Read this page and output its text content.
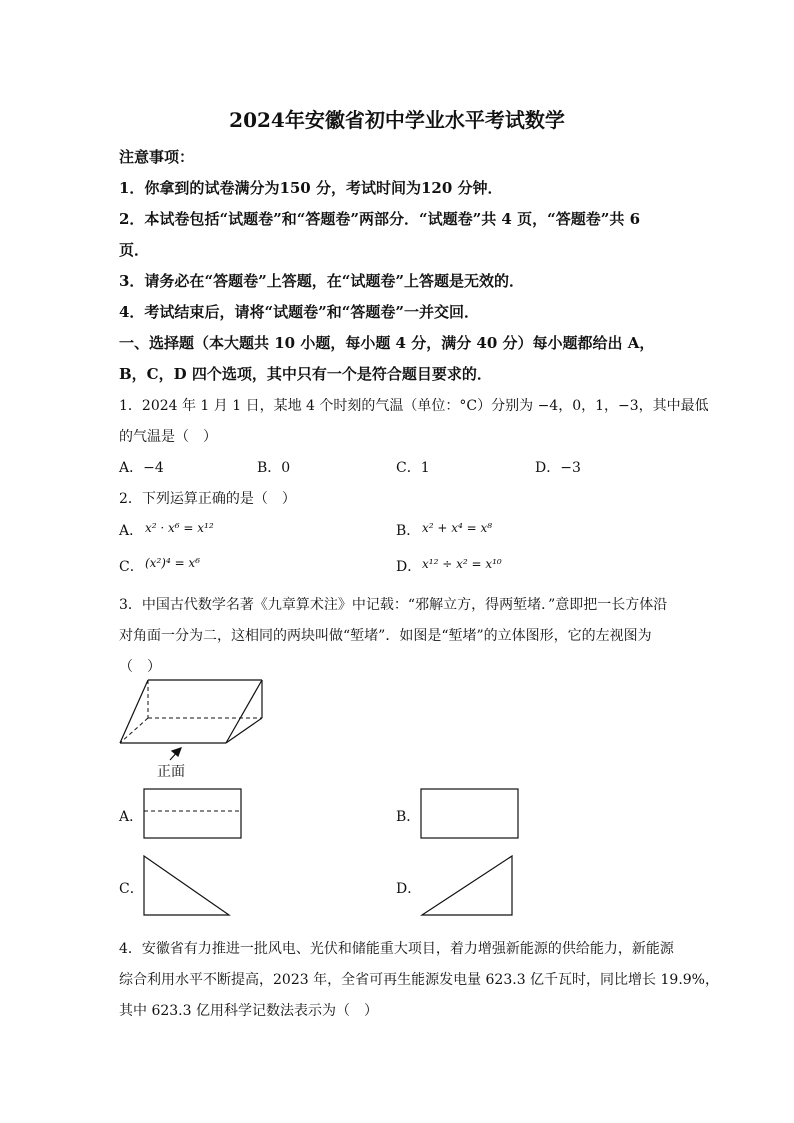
2024年安徽省初中学业水平考试数学
注意事项：
1．你拿到的试卷满分为150 分，考试时间为120 分钟．
2．本试卷包括“试题卷”和“答题卷”两部分．“试题卷”共 4 页，“答题卷”共 6
页．
3．请务必在“答题卷”上答题，在“试题卷”上答题是无效的．
4．考试结束后，请将“试题卷”和“答题卷”一并交回．
一、选择题（本大题共 10 小题，每小题 4 分，满分 40 分）每小题都给出 A，
B，C，D 四个选项，其中只有一个是符合题目要求的．
1．2024 年 1 月 1 日，某地 4 个时刻的气温（单位：°C）分别为 −4，0，1，−3，其中最低
的气温是（　）
A．−4	B．0	C．1	D．−3
2．下列运算正确的是（　）
A． x² · x⁶ = x¹²	B． x² + x⁴ = x⁸
C． (x²)⁴ = x⁶	D． x¹² ÷ x² = x¹⁰
3．中国古代数学名著《九章算术注》中记载：“邪解立方，得两堑堵．”意即把一长方体沿
对角面一分为二，这相同的两块叫做“堑堵”．如图是“堑堵”的立体图形，它的左视图为
（　）
正面
A．	B．
C．	D．
4．安徽省有力推进一批风电、光伏和储能重大项目，着力增强新能源的供给能力，新能源
综合利用水平不断提高，2023 年，全省可再生能源发电量 623.3 亿千瓦时，同比增长 19.9%，
其中 623.3 亿用科学记数法表示为（　）
